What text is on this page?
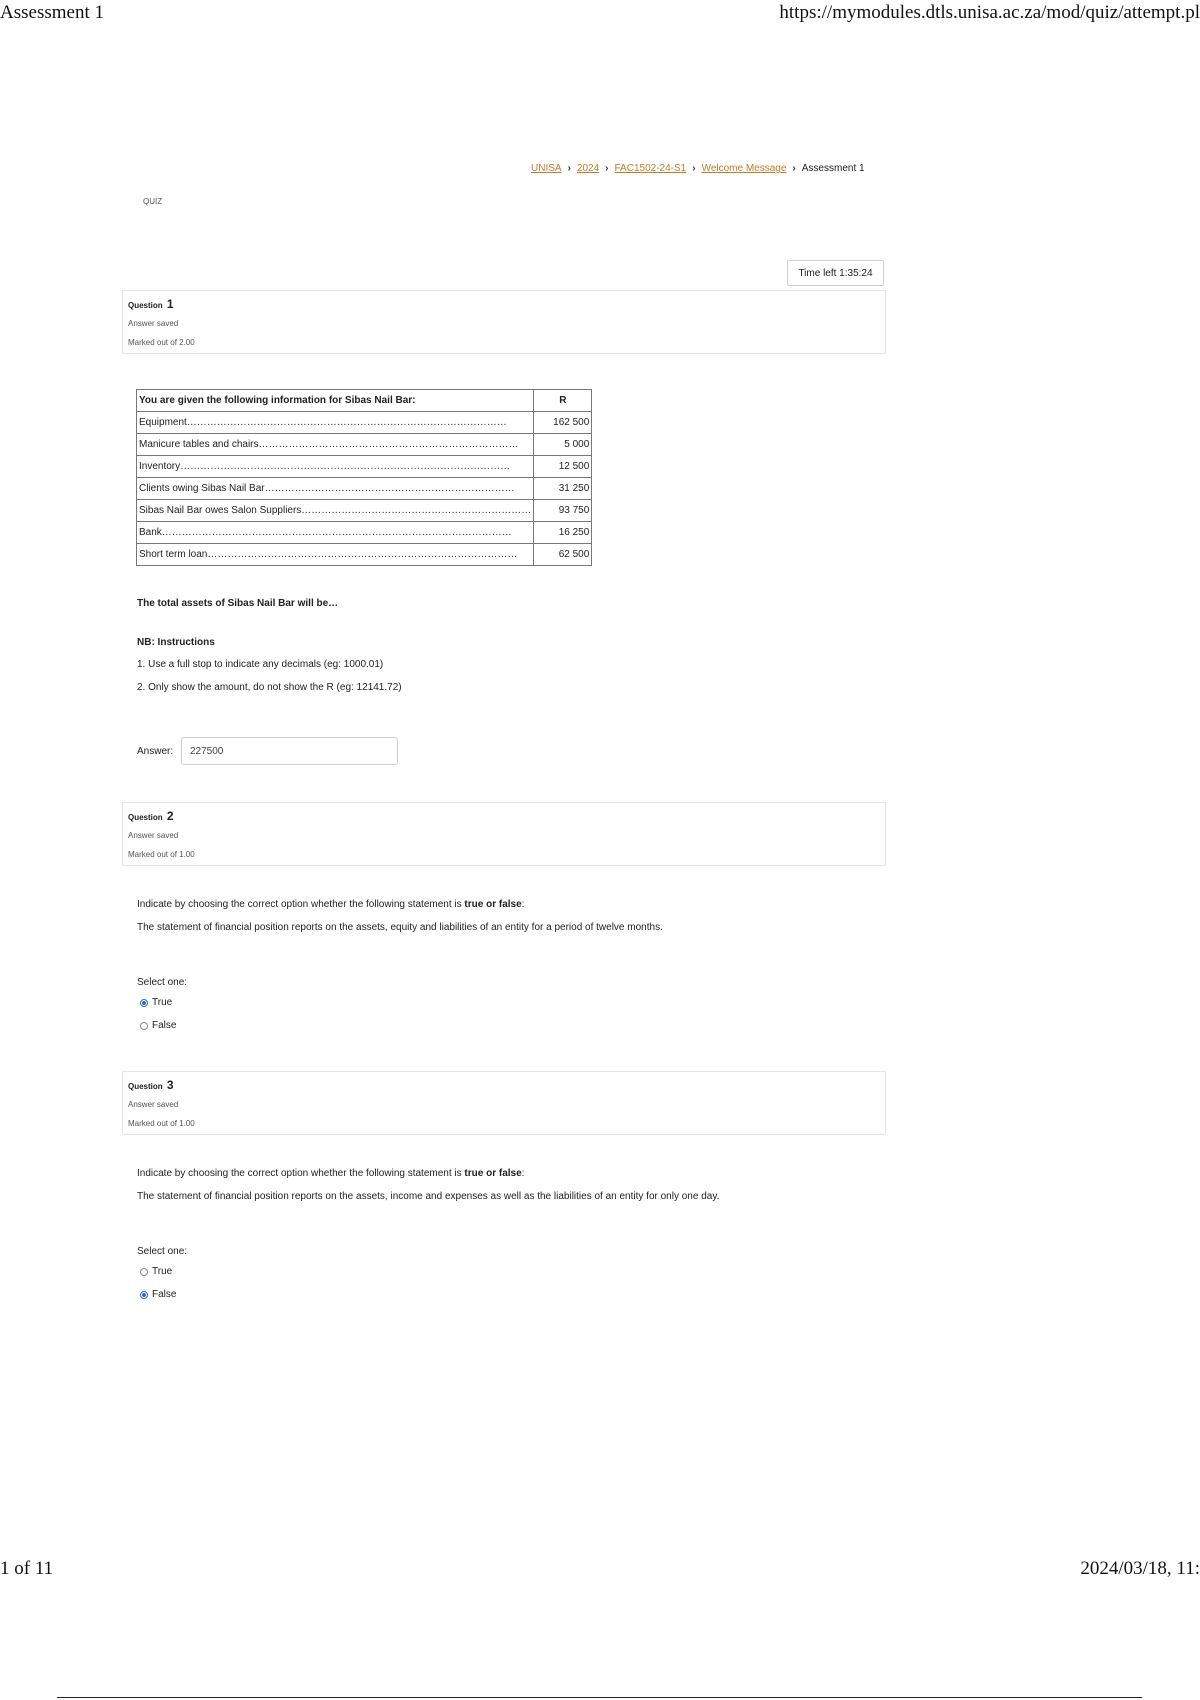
Assessment 1	https://mymodules.dtls.unisa.ac.za/mod/quiz/attempt.pl
UNISA › 2024 › FAC1502-24-S1 › Welcome Message › Assessment 1
QUIZ
Time left 1:35:24
Question 1
Answer saved
Marked out of 2.00
You are given the following information for Sibas Nail Bar:	R
Equipment……………………………………………………………………………………	162 500
Manicure tables and chairs……………………………………………………………………	5 000
Inventory………………………………………………………………………………………	12 500
Clients owing Sibas Nail Bar…………………………………………………………………	31 250
Sibas Nail Bar owes Salon Suppliers……………………………………………………………	93 750
Bank……………………………………………………………………………………………	16 250
Short term loan…………………………………………………………………………………	62 500
The total assets of Sibas Nail Bar will be…
NB: Instructions
1. Use a full stop to indicate any decimals (eg: 1000.01)
2. Only show the amount, do not show the R (eg: 12141.72)
Answer:
227500
Question 2
Answer saved
Marked out of 1.00
Indicate by choosing the correct option whether the following statement is true or false:
The statement of financial position reports on the assets, equity and liabilities of an entity for a period of twelve months.
Select one:
True
False
Question 3
Answer saved
Marked out of 1.00
Indicate by choosing the correct option whether the following statement is true or false:
The statement of financial position reports on the assets, income and expenses as well as the liabilities of an entity for only one day.
Select one:
True
False
1 of 11	2024/03/18, 11:
